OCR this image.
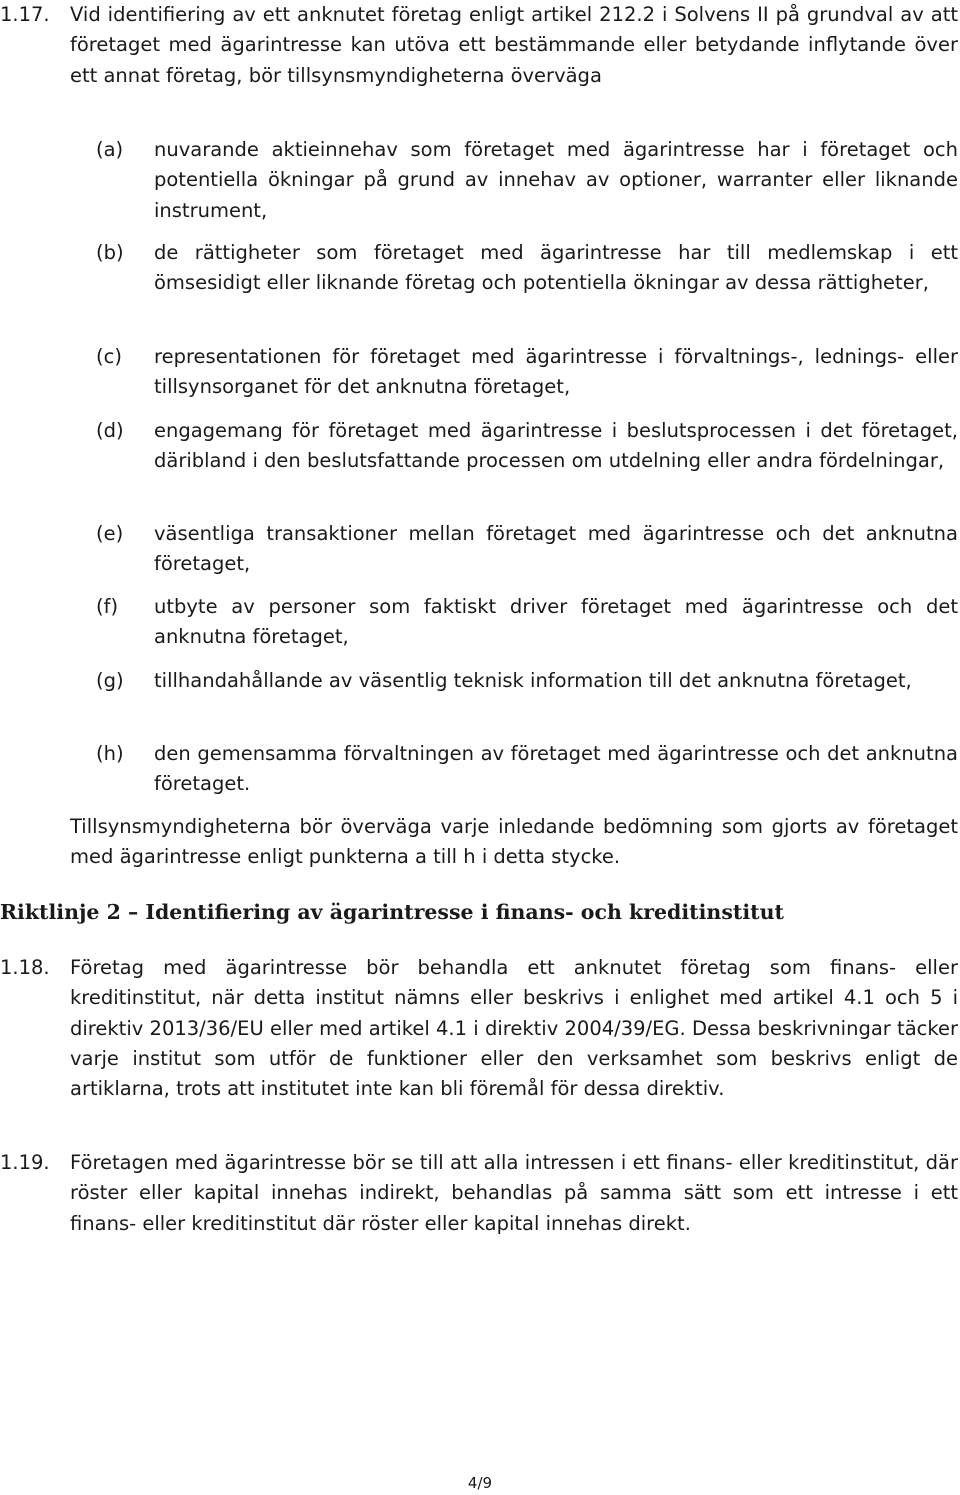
1.17. Vid identifiering av ett anknutet företag enligt artikel 212.2 i Solvens II på grundval av att företaget med ägarintresse kan utöva ett bestämmande eller betydande inflytande över ett annat företag, bör tillsynsmyndigheterna överväga
(a) nuvarande aktieinnehav som företaget med ägarintresse har i företaget och potentiella ökningar på grund av innehav av optioner, warranter eller liknande instrument,
(b) de rättigheter som företaget med ägarintresse har till medlemskap i ett ömsesidigt eller liknande företag och potentiella ökningar av dessa rättigheter,
(c) representationen för företaget med ägarintresse i förvaltnings-, lednings- eller tillsynsorganet för det anknutna företaget,
(d) engagemang för företaget med ägarintresse i beslutsprocessen i det företaget, däribland i den beslutsfattande processen om utdelning eller andra fördelningar,
(e) väsentliga transaktioner mellan företaget med ägarintresse och det anknutna företaget,
(f) utbyte av personer som faktiskt driver företaget med ägarintresse och det anknutna företaget,
(g) tillhandahållande av väsentlig teknisk information till det anknutna företaget,
(h) den gemensamma förvaltningen av företaget med ägarintresse och det anknutna företaget.
Tillsynsmyndigheterna bör överväga varje inledande bedömning som gjorts av företaget med ägarintresse enligt punkterna a till h i detta stycke.
Riktlinje 2 – Identifiering av ägarintresse i finans- och kreditinstitut
1.18. Företag med ägarintresse bör behandla ett anknutet företag som finans- eller kreditinstitut, när detta institut nämns eller beskrivs i enlighet med artikel 4.1 och 5 i direktiv 2013/36/EU eller med artikel 4.1 i direktiv 2004/39/EG. Dessa beskrivningar täcker varje institut som utför de funktioner eller den verksamhet som beskrivs enligt de artiklarna, trots att institutet inte kan bli föremål för dessa direktiv.
1.19. Företagen med ägarintresse bör se till att alla intressen i ett finans- eller kreditinstitut, där röster eller kapital innehas indirekt, behandlas på samma sätt som ett intresse i ett finans- eller kreditinstitut där röster eller kapital innehas direkt.
4/9
